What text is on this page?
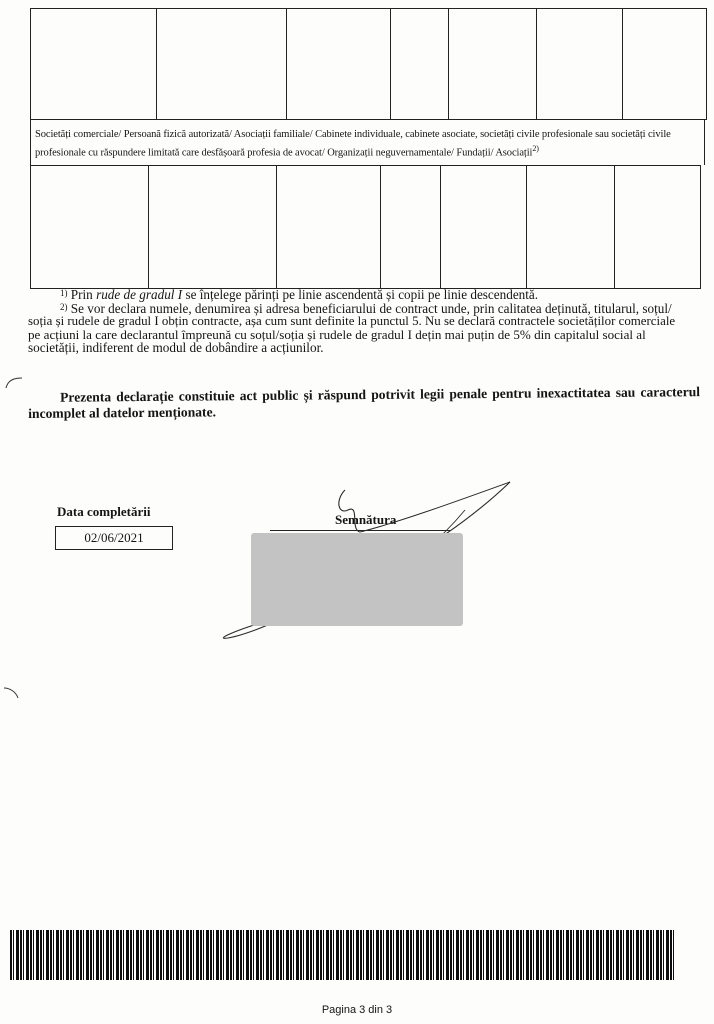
Societăți comerciale/ Persoană fizică autorizată/ Asociații familiale/ Cabinete individuale, cabinete asociate, societăți civile profesionale sau societăți civile profesionale cu răspundere limitată care desfășoară profesia de avocat/ Organizații neguvernamentale/ Fundații/ Asociații$^{2)}$

$^{1)}$ Prin rude de gradul I se înțelege părinți pe linie ascendentă și copii pe linie descendentă.
$^{2)}$ Se vor declara numele, denumirea și adresa beneficiarului de contract unde, prin calitatea deținută, titularul, soțul/
soția și rudele de gradul I obțin contracte, așa cum sunt definite la punctul 5. Nu se declară contractele societăților comerciale
pe acțiuni la care declarantul împreună cu soțul/soția și rudele de gradul I dețin mai puțin de 5% din capitalul social al
societății, indiferent de modul de dobândire a acțiunilor.
Prezenta declarație constituie act public și răspund potrivit legii penale pentru inexactitatea sau caracterul incomplet al datelor menționate.
Data completării
02/06/2021
Semnătura
Pagina 3 din 3
